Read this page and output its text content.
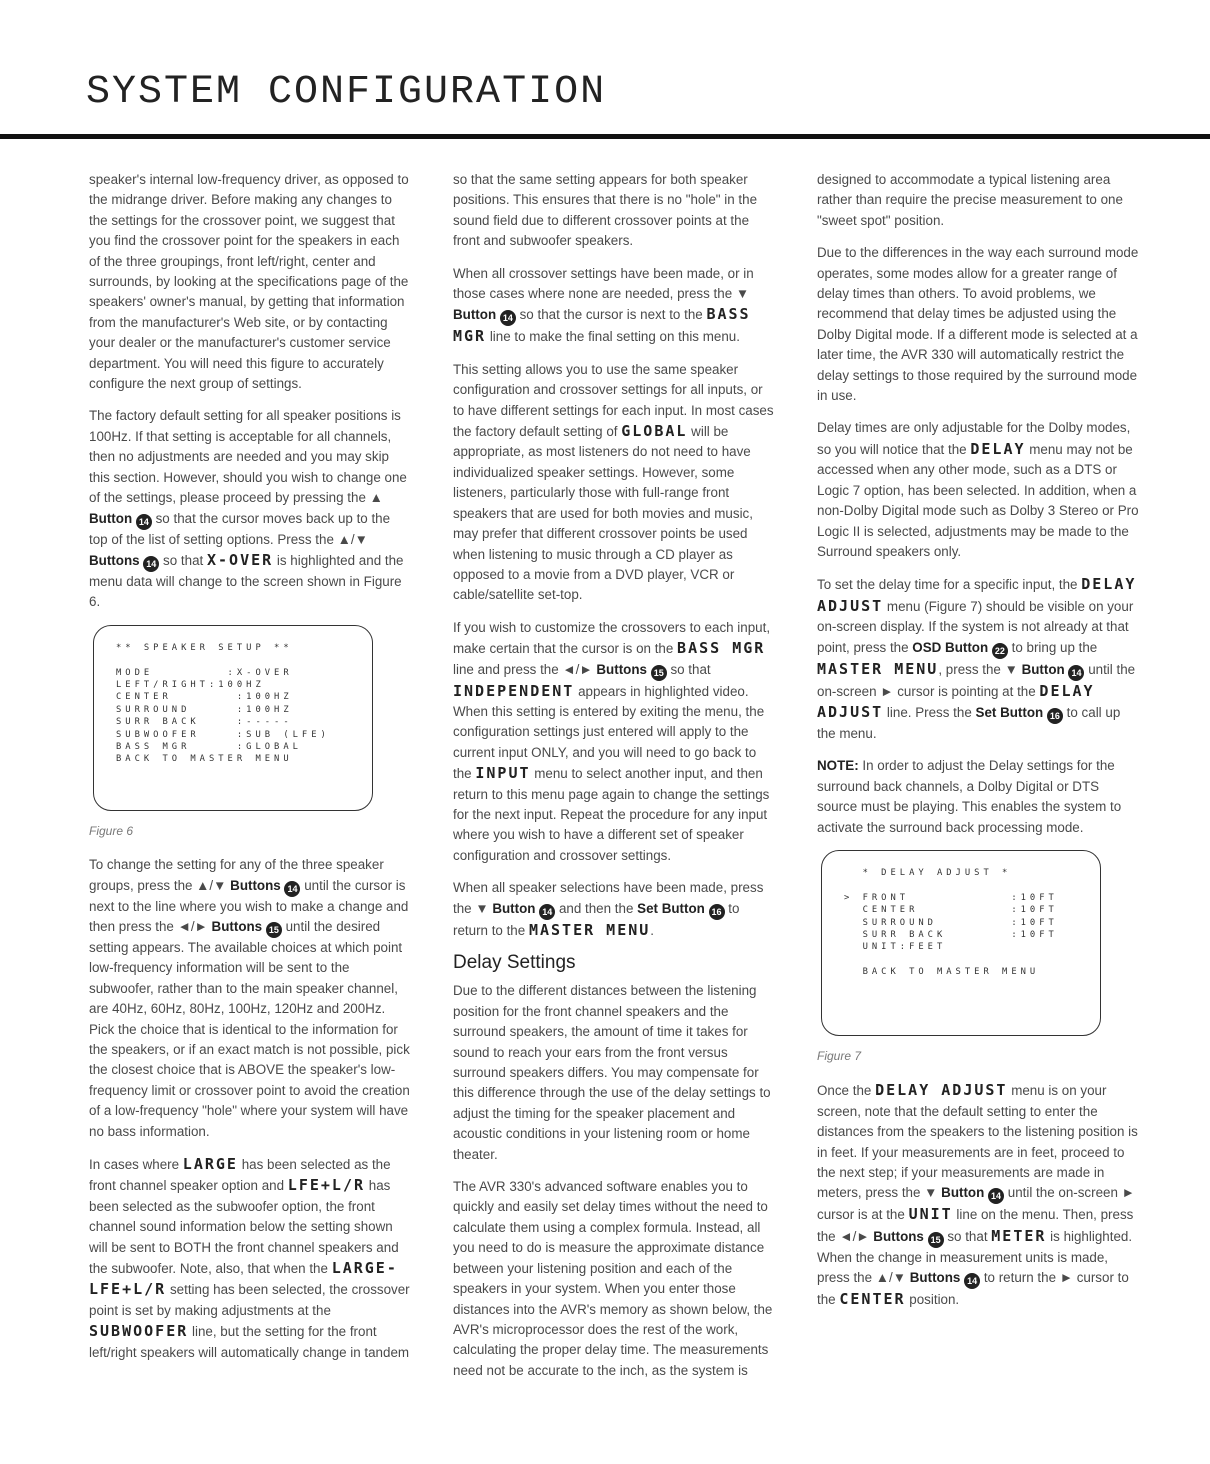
SYSTEM CONFIGURATION

speaker's internal low-frequency driver, as opposed to the midrange driver. Before making any changes to the settings for the crossover point, we suggest that you find the crossover point for the speakers in each of the three groupings, front left/right, center and surrounds, by looking at the specifications page of the speakers' owner's manual, by getting that information from the manufacturer's Web site, or by contacting your dealer or the manufacturer's customer service department. You will need this figure to accurately configure the next group of settings.

The factory default setting for all speaker positions is 100Hz. If that setting is acceptable for all channels, then no adjustments are needed and you may skip this section. However, should you wish to change one of the settings, please proceed by pressing the ▲ Button 14 so that the cursor moves back up to the top of the list of setting options. Press the ▲/▼ Buttons 14 so that X-OVER is highlighted and the menu data will change to the screen shown in Figure 6.

** SPEAKER SETUP **

MODE        :X-OVER
LEFT/RIGHT:100HZ
CENTER       :100HZ
SURROUND     :100HZ
SURR BACK    :-----
SUBWOOFER    :SUB (LFE)
BASS MGR     :GLOBAL
BACK TO MASTER MENU
Figure 6

To change the setting for any of the three speaker groups, press the ▲/▼ Buttons 14 until the cursor is next to the line where you wish to make a change and then press the ◄/► Buttons 15 until the desired setting appears. The available choices at which point low-frequency information will be sent to the subwoofer, rather than to the main speaker channel, are 40Hz, 60Hz, 80Hz, 100Hz, 120Hz and 200Hz. Pick the choice that is identical to the information for the speakers, or if an exact match is not possible, pick the closest choice that is ABOVE the speaker's low-frequency limit or crossover point to avoid the creation of a low-frequency "hole" where your system will have no bass information.

In cases where LARGE has been selected as the front channel speaker option and LFE+L/R has been selected as the subwoofer option, the front channel sound information below the setting shown will be sent to BOTH the front channel speakers and the subwoofer. Note, also, that when the LARGE-LFE+L/R setting has been selected, the crossover point is set by making adjustments at the SUBWOOFER line, but the setting for the front left/right speakers will automatically change in tandem

so that the same setting appears for both speaker positions. This ensures that there is no "hole" in the sound field due to different crossover points at the front and subwoofer speakers.

When all crossover settings have been made, or in those cases where none are needed, press the ▼ Button 14 so that the cursor is next to the BASS MGR line to make the final setting on this menu.

This setting allows you to use the same speaker configuration and crossover settings for all inputs, or to have different settings for each input. In most cases the factory default setting of GLOBAL will be appropriate, as most listeners do not need to have individualized speaker settings. However, some listeners, particularly those with full-range front speakers that are used for both movies and music, may prefer that different crossover points be used when listening to music through a CD player as opposed to a movie from a DVD player, VCR or cable/satellite set-top.

If you wish to customize the crossovers to each input, make certain that the cursor is on the BASS MGR line and press the ◄/► Buttons 15 so that INDEPENDENT appears in highlighted video. When this setting is entered by exiting the menu, the configuration settings just entered will apply to the current input ONLY, and you will need to go back to the INPUT menu to select another input, and then return to this menu page again to change the settings for the next input. Repeat the procedure for any input where you wish to have a different set of speaker configuration and crossover settings.

When all speaker selections have been made, press the ▼ Button 14 and then the Set Button 16 to return to the MASTER MENU.

Delay Settings

Due to the different distances between the listening position for the front channel speakers and the surround speakers, the amount of time it takes for sound to reach your ears from the front versus surround speakers differs. You may compensate for this difference through the use of the delay settings to adjust the timing for the speaker placement and acoustic conditions in your listening room or home theater.

The AVR 330's advanced software enables you to quickly and easily set delay times without the need to calculate them using a complex formula. Instead, all you need to do is measure the approximate distance between your listening position and each of the speakers in your system. When you enter those distances into the AVR's memory as shown below, the AVR's microprocessor does the rest of the work, calculating the proper delay time. The measurements need not be accurate to the inch, as the system is

designed to accommodate a typical listening area rather than require the precise measurement to one "sweet spot" position.

Due to the differences in the way each surround mode operates, some modes allow for a greater range of delay times than others. To avoid problems, we recommend that delay times be adjusted using the Dolby Digital mode. If a different mode is selected at a later time, the AVR 330 will automatically restrict the delay settings to those required by the surround mode in use.

Delay times are only adjustable for the Dolby modes, so you will notice that the DELAY menu may not be accessed when any other mode, such as a DTS or Logic 7 option, has been selected. In addition, when a non-Dolby Digital mode such as Dolby 3 Stereo or Pro Logic II is selected, adjustments may be made to the Surround speakers only.

To set the delay time for a specific input, the DELAY ADJUST menu (Figure 7) should be visible on your on-screen display. If the system is not already at that point, press the OSD Button 22 to bring up the MASTER MENU, press the ▼ Button 14 until the on-screen ► cursor is pointing at the DELAY ADJUST line. Press the Set Button 16 to call up the menu.

NOTE: In order to adjust the Delay settings for the surround back channels, a Dolby Digital or DTS source must be playing. This enables the system to activate the surround back processing mode.

* DELAY ADJUST *

> FRONT           :10FT
CENTER          :10FT
SURROUND        :10FT
SURR BACK       :10FT
UNIT:FEET

BACK TO MASTER MENU
Figure 7

Once the DELAY ADJUST menu is on your screen, note that the default setting to enter the distances from the speakers to the listening position is in feet. If your measurements are in feet, proceed to the next step; if your measurements are made in meters, press the ▼ Button 14 until the on-screen ► cursor is at the UNIT line on the menu. Then, press the ◄/► Buttons 15 so that METER is highlighted. When the change in measurement units is made, press the ▲/▼ Buttons 14 to return the ► cursor to the CENTER position.
